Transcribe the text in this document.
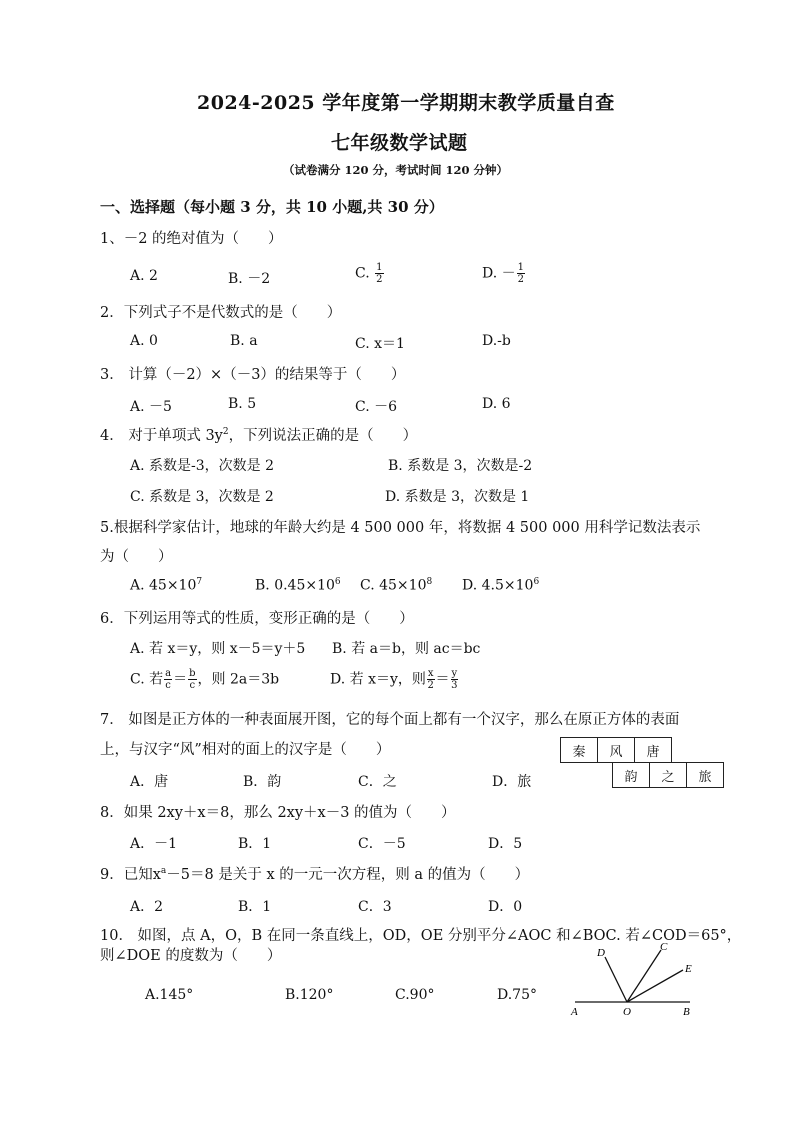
2024-2025 学年度第一学期期末教学质量自查
七年级数学试题
（试卷满分 120 分，考试时间 120 分钟）
一、选择题（每小题 3 分，共 10 小题,共 30 分）
1、－2 的绝对值为（　　）
A. 2	B. －2	C. $\frac{1}{2}$	D. － $\frac{1}{2}$
2．下列式子不是代数式的是（　　）
A. 0	B. a	C. x＝1	D.-b
3． 计算（－2）×（－3）的结果等于（　　）
A. －5	B. 5	C. －6	D. 6
4． 对于单项式 $3y^2$，下列说法正确的是（　　）
A. 系数是-3，次数是 2	B. 系数是 3，次数是-2
C. 系数是 3，次数是 2	D. 系数是 3，次数是 1
5.根据科学家估计，地球的年龄大约是 4 500 000 年，将数据 4 500 000 用科学记数法表示
为（　　）
A. $45\times 10^7$	B. $0.45\times 10^6$ C. $45\times 10^8$ D. $4.5\times 10^6$
6．下列运用等式的性质，变形正确的是（　　）
A. 若 x＝y，则 x－5＝y＋5 B. 若 a＝b，则 ac＝bc
C. 若 $\frac{a}{c} = \frac{b}{c}$ ，则 2a＝3b	D. 若 x＝y，则 $\frac{x}{2} = \frac{y}{3}$
7． 如图是正方体的一种表面展开图，它的每个面上都有一个汉字，那么在原正方体的表面
上，与汉字“风”相对的面上的汉字是（　　）
A．唐	B．韵	C．之	D．旅
秦	风	唐
韵	之	旅
8．如果 2xy＋x＝8，那么 2xy＋x－3 的值为（　　）
A．－1	B．1	C．－5	D．5
9．已知$x^a-5=8$ 是关于 x 的一元一次方程，则 a 的值为（　　）
A．2	B．1	C．3	D．0
10． 如图，点 A，O，B 在同一条直线上，OD，OE 分别平分∠AOC 和∠BOC. 若∠COD＝65°，
则∠DOE 的度数为（　　）
A.145°	B.120°	C.90°	D.75°
D	C
E
A	O	B
